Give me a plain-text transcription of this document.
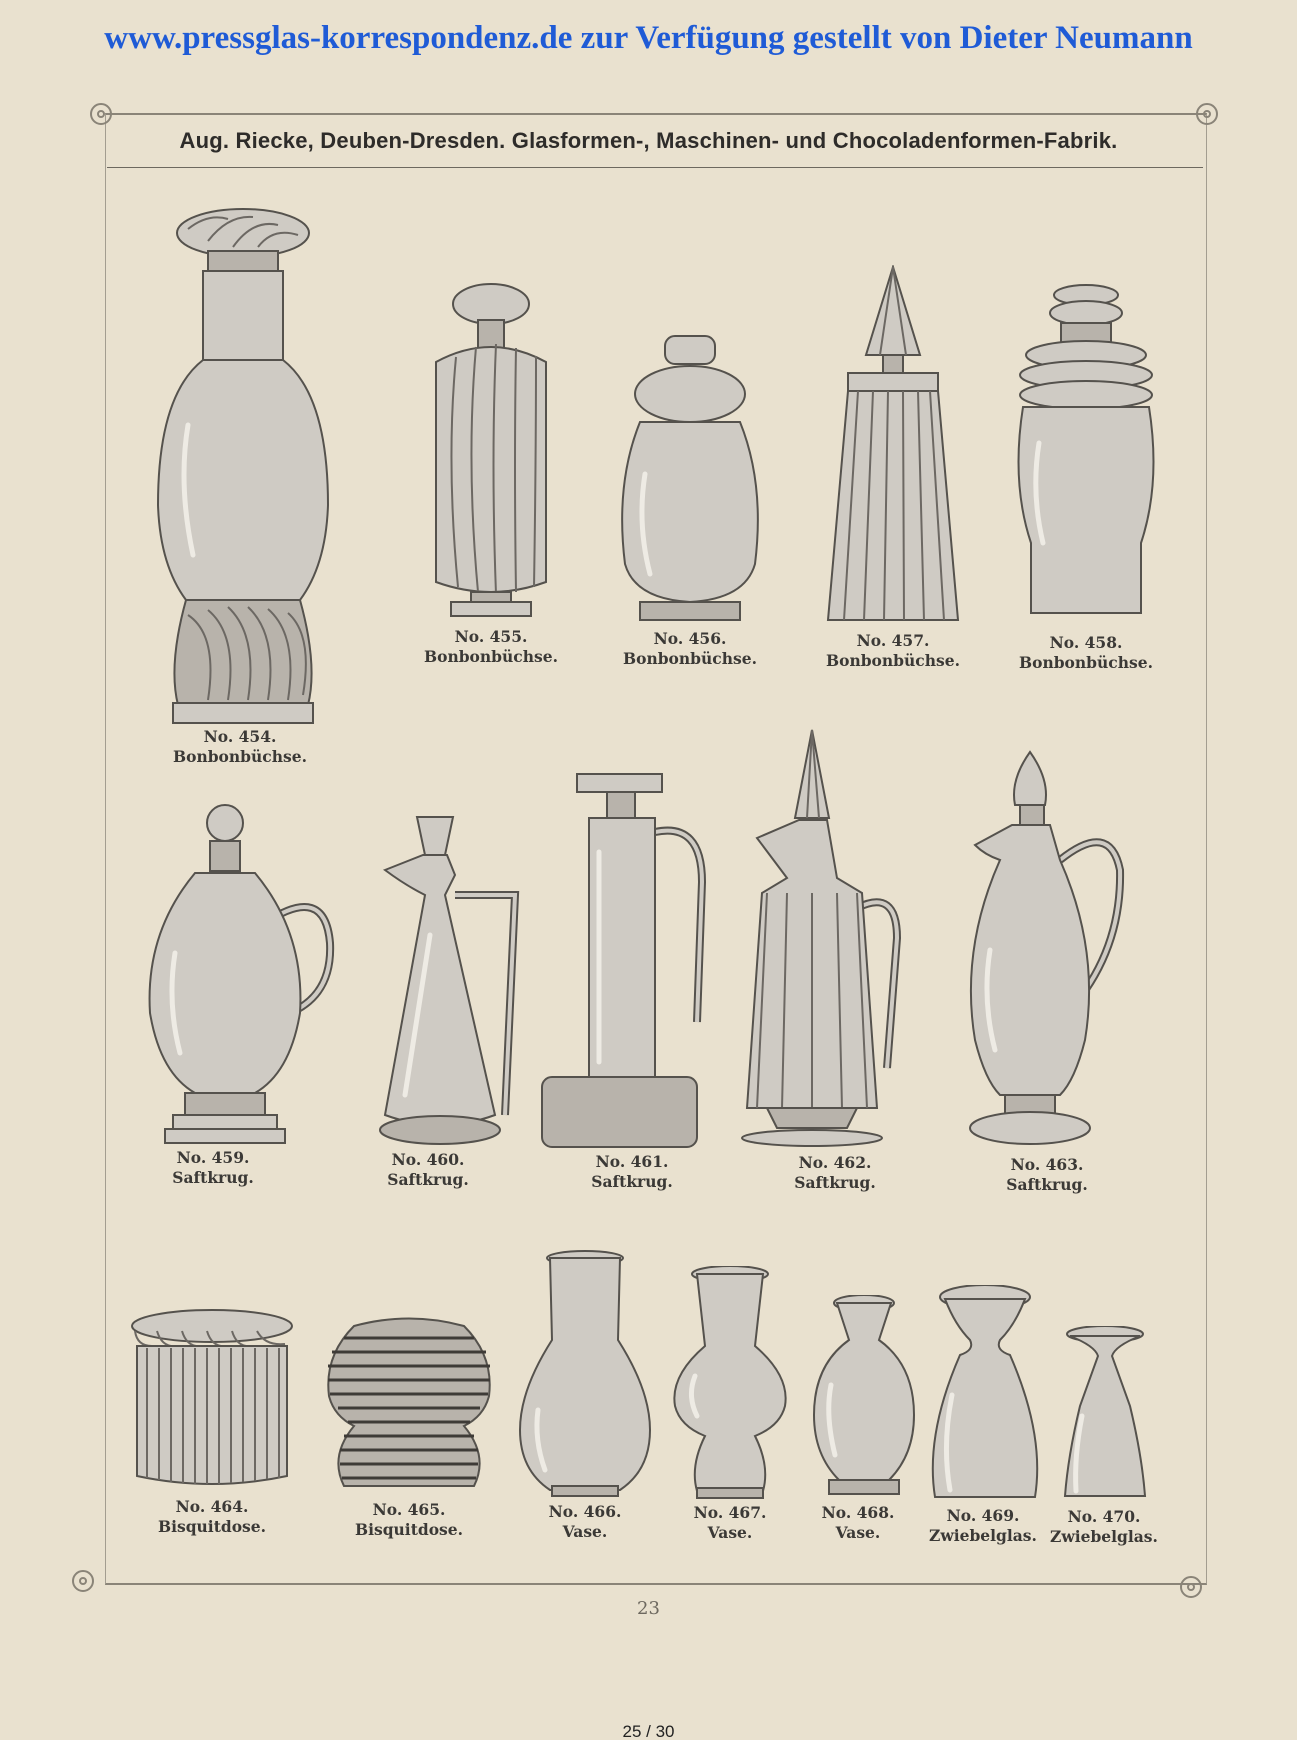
www.pressglas-korrespondenz.de zur Verfügung gestellt von Dieter Neumann
Aug. Riecke, Deuben-Dresden. Glasformen-, Maschinen- und Chocoladenformen-Fabrik.
No. 454.
Bonbonbüchse.
No. 455.
Bonbonbüchse.
No. 456.
Bonbonbüchse.
No. 457.
Bonbonbüchse.
No. 458.
Bonbonbüchse.
No. 459.
Saftkrug.
No. 460.
Saftkrug.
No. 461.
Saftkrug.
No. 462.
Saftkrug.
No. 463.
Saftkrug.
No. 464.
Bisquitdose.
No. 465.
Bisquitdose.
No. 466.
Vase.
No. 467.
Vase.
No. 468.
Vase.
No. 469.
Zwiebelglas.
No. 470.
Zwiebelglas.
23
25 / 30
